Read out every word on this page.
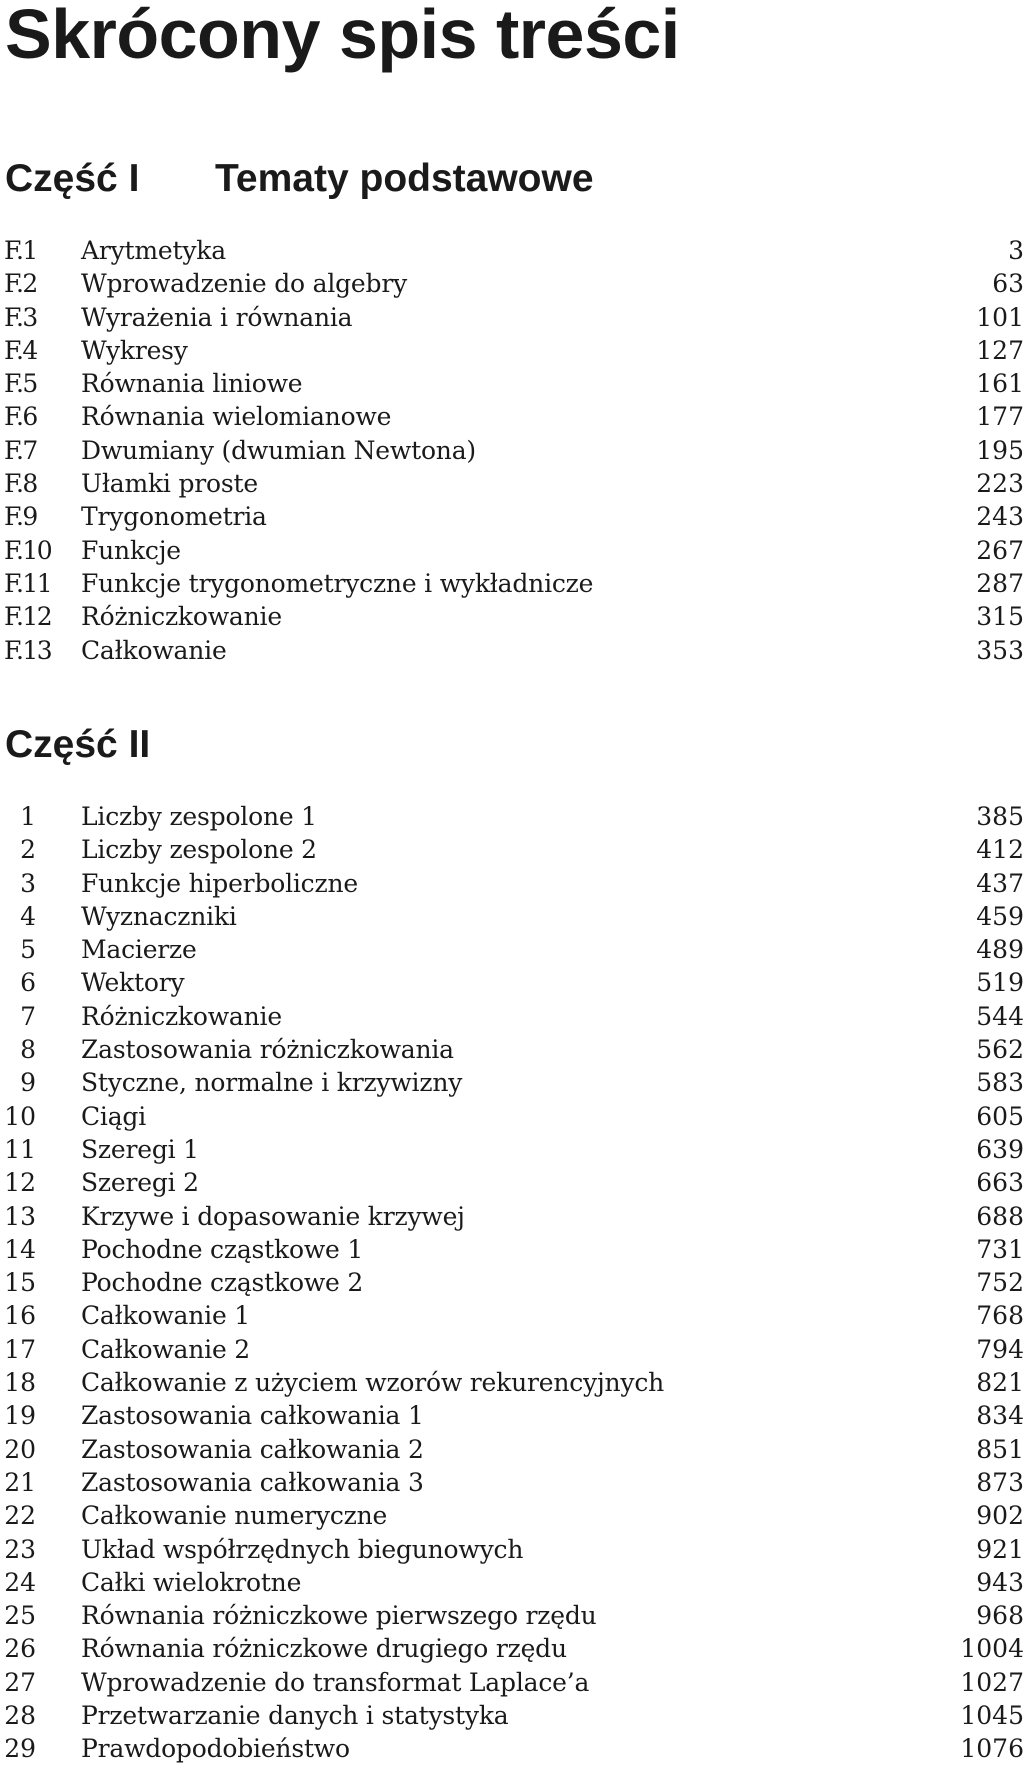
Skrócony spis treści
Część I Tematy podstawowe
F.1	Arytmetyka	3
F.2	Wprowadzenie do algebry	63
F.3	Wyrażenia i równania	101
F.4	Wykresy	127
F.5	Równania liniowe	161
F.6	Równania wielomianowe	177
F.7	Dwumiany (dwumian Newtona)	195
F.8	Ułamki proste	223
F.9	Trygonometria	243
F.10 Funkcje	267
F.11 Funkcje trygonometryczne i wykładnicze	287
F.12 Różniczkowanie	315
F.13 Całkowanie	353
Część II
1 Liczby zespolone 1	385
2 Liczby zespolone 2	412
3 Funkcje hiperboliczne	437
4 Wyznaczniki	459
5 Macierze	489
6 Wektory	519
7 Różniczkowanie	544
8 Zastosowania różniczkowania	562
9 Styczne, normalne i krzywizny	583
10 Ciągi	605
11 Szeregi 1	639
12 Szeregi 2	663
13 Krzywe i dopasowanie krzywej	688
14 Pochodne cząstkowe 1	731
15 Pochodne cząstkowe 2	752
16 Całkowanie 1	768
17 Całkowanie 2	794
18 Całkowanie z użyciem wzorów rekurencyjnych	821
19 Zastosowania całkowania 1	834
20 Zastosowania całkowania 2	851
21 Zastosowania całkowania 3	873
22 Całkowanie numeryczne	902
23 Układ współrzędnych biegunowych	921
24 Całki wielokrotne	943
25 Równania różniczkowe pierwszego rzędu	968
26 Równania różniczkowe drugiego rzędu	1004
27 Wprowadzenie do transformat Laplace’a	1027
28 Przetwarzanie danych i statystyka	1045
29 Prawdopodobieństwo	1076
